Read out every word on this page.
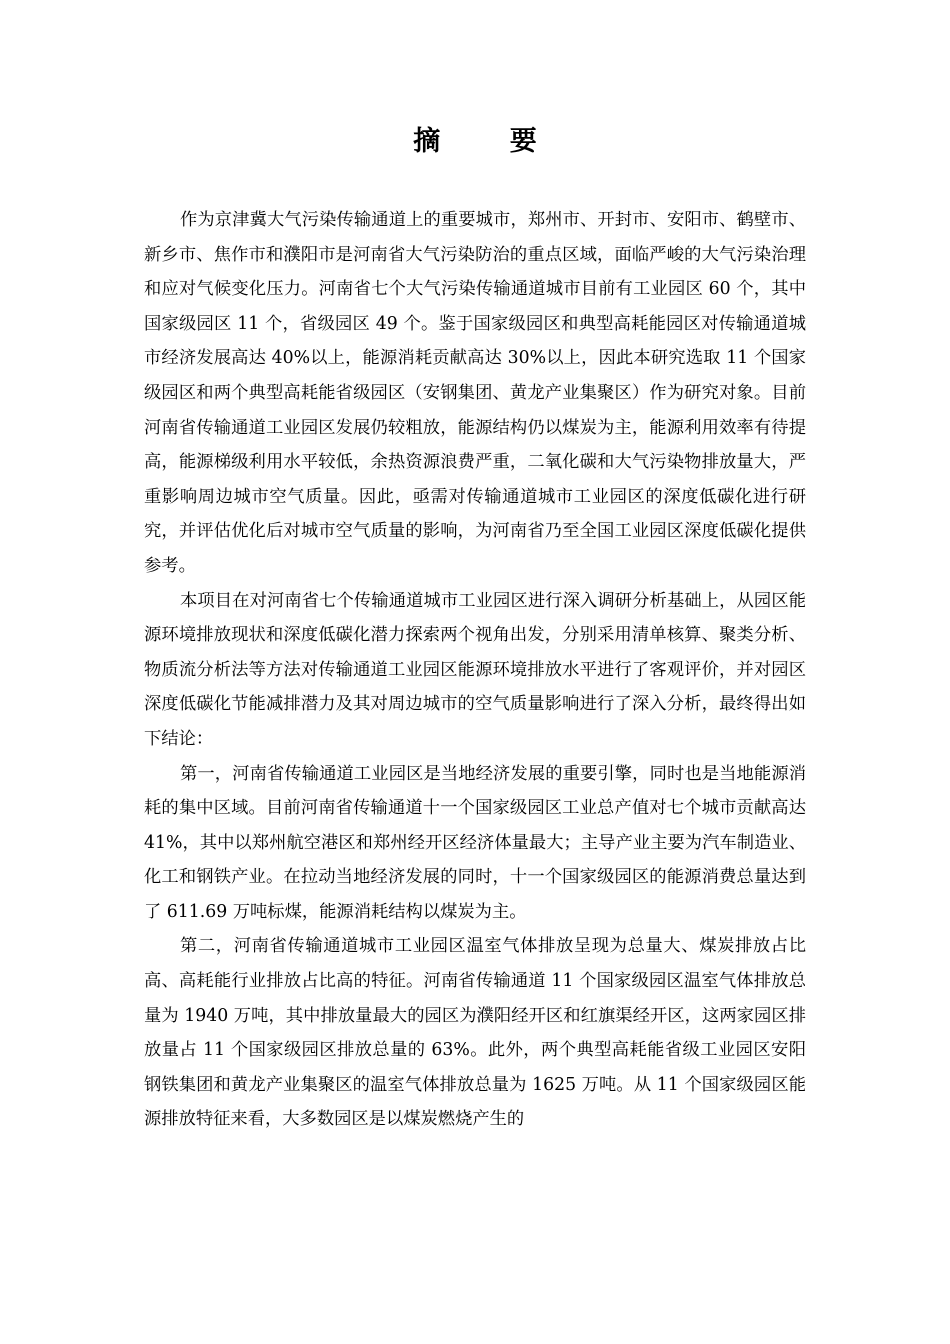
摘 要

作为京津冀大气污染传输通道上的重要城市，郑州市、开封市、安阳市、鹤壁市、新乡市、焦作市和濮阳市是河南省大气污染防治的重点区域，面临严峻的大气污染治理和应对气候变化压力。河南省七个大气污染传输通道城市目前有工业园区 60 个，其中国家级园区 11 个，省级园区 49 个。鉴于国家级园区和典型高耗能园区对传输通道城市经济发展高达 40%以上，能源消耗贡献高达 30%以上，因此本研究选取 11 个国家级园区和两个典型高耗能省级园区（安钢集团、黄龙产业集聚区）作为研究对象。目前河南省传输通道工业园区发展仍较粗放，能源结构仍以煤炭为主，能源利用效率有待提高，能源梯级利用水平较低，余热资源浪费严重，二氧化碳和大气污染物排放量大，严重影响周边城市空气质量。因此，亟需对传输通道城市工业园区的深度低碳化进行研究，并评估优化后对城市空气质量的影响，为河南省乃至全国工业园区深度低碳化提供参考。

本项目在对河南省七个传输通道城市工业园区进行深入调研分析基础上，从园区能源环境排放现状和深度低碳化潜力探索两个视角出发，分别采用清单核算、聚类分析、物质流分析法等方法对传输通道工业园区能源环境排放水平进行了客观评价，并对园区深度低碳化节能减排潜力及其对周边城市的空气质量影响进行了深入分析，最终得出如下结论：

第一，河南省传输通道工业园区是当地经济发展的重要引擎，同时也是当地能源消耗的集中区域。目前河南省传输通道十一个国家级园区工业总产值对七个城市贡献高达 41%，其中以郑州航空港区和郑州经开区经济体量最大；主导产业主要为汽车制造业、化工和钢铁产业。在拉动当地经济发展的同时，十一个国家级园区的能源消费总量达到了 611.69 万吨标煤，能源消耗结构以煤炭为主。

第二，河南省传输通道城市工业园区温室气体排放呈现为总量大、煤炭排放占比高、高耗能行业排放占比高的特征。河南省传输通道 11 个国家级园区温室气体排放总量为 1940 万吨，其中排放量最大的园区为濮阳经开区和红旗渠经开区，这两家园区排放量占 11 个国家级园区排放总量的 63%。此外，两个典型高耗能省级工业园区安阳钢铁集团和黄龙产业集聚区的温室气体排放总量为 1625 万吨。从 11 个国家级园区能源排放特征来看，大多数园区是以煤炭燃烧产生的
